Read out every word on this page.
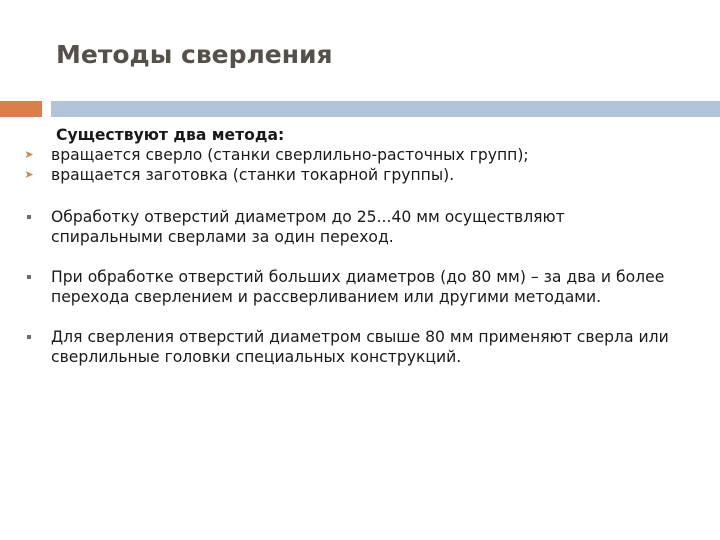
Методы сверления
Существуют два метода:
➤ вращается сверло (станки сверлильно-расточных групп);
➤ вращается заготовка (станки токарной группы).
Обработку отверстий диаметром до 25...40 мм осуществляют спиральными сверлами за один переход.
При обработке отверстий больших диаметров (до 80 мм) – за два и более перехода сверлением и рассверливанием или другими методами.
Для сверления отверстий диаметром свыше 80 мм применяют сверла или сверлильные головки специальных конструкций.
